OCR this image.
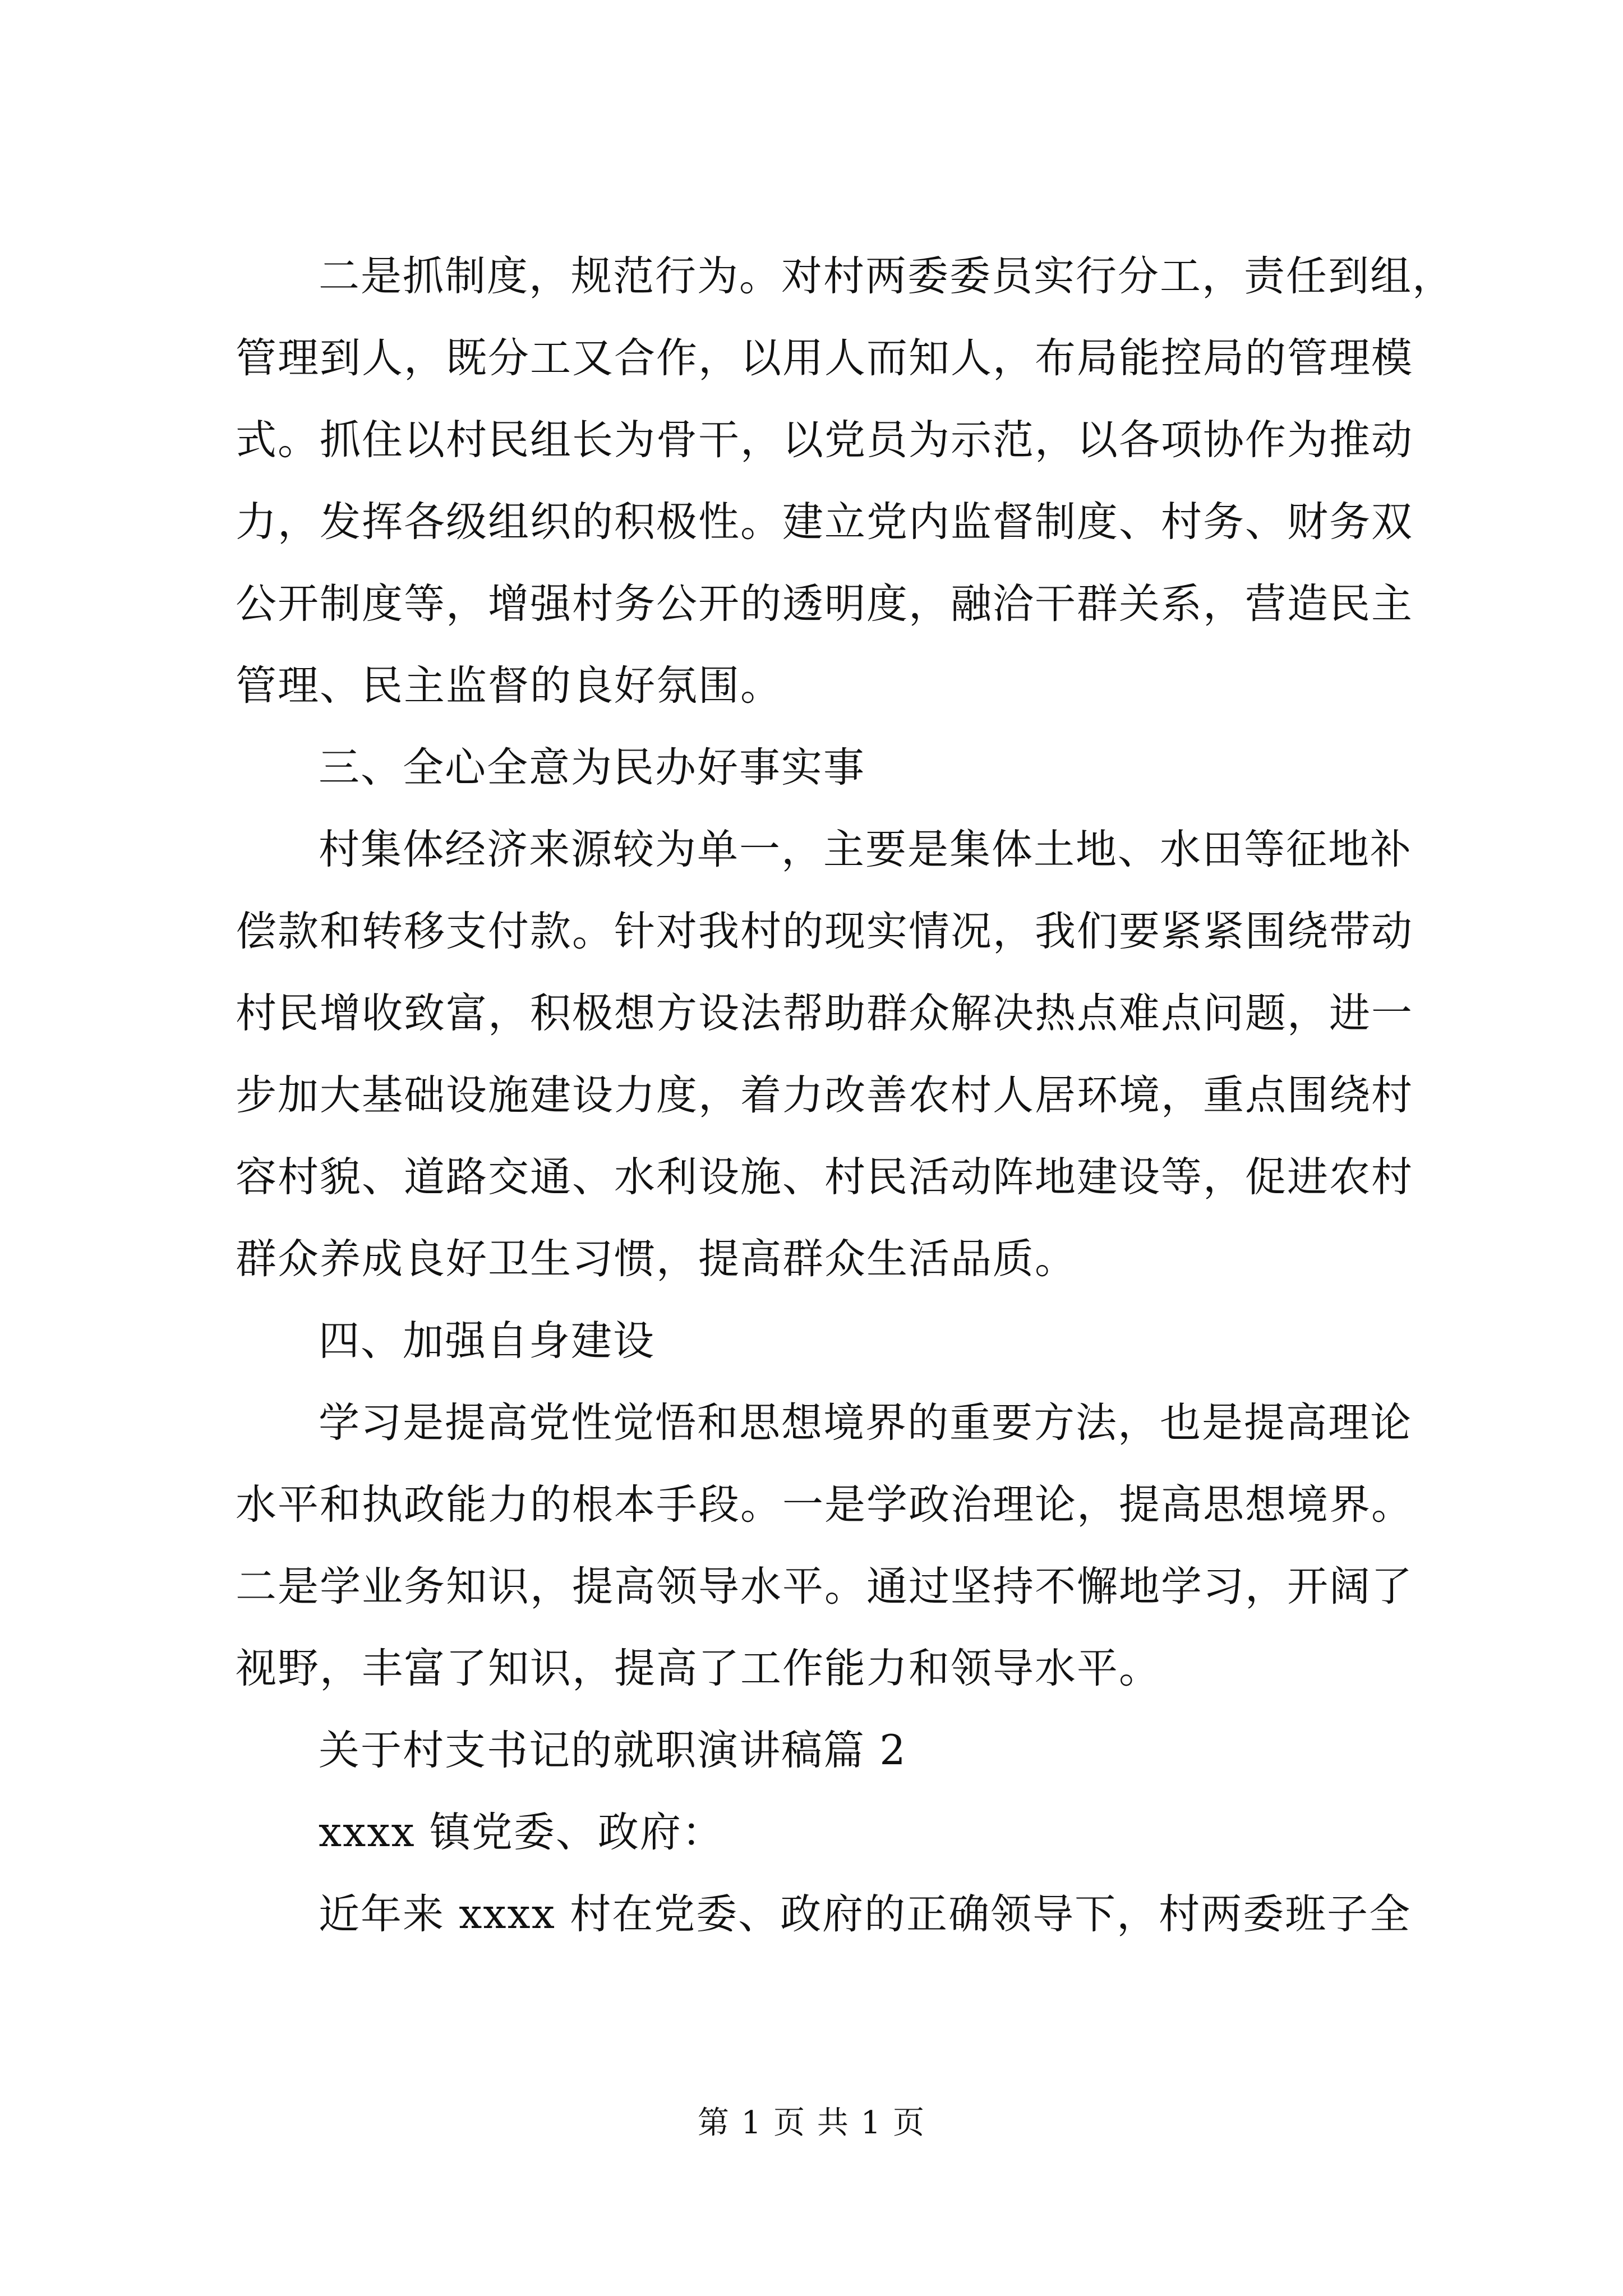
二是抓制度，规范行为。对村两委委员实行分工，责任到组，
管理到人，既分工又合作，以用人而知人，布局能控局的管理模
式。抓住以村民组长为骨干，以党员为示范，以各项协作为推动
力，发挥各级组织的积极性。建立党内监督制度、村务、财务双
公开制度等，增强村务公开的透明度，融洽干群关系，营造民主
管理、民主监督的良好氛围。
三、全心全意为民办好事实事
村集体经济来源较为单一，主要是集体土地、水田等征地补
偿款和转移支付款。针对我村的现实情况，我们要紧紧围绕带动
村民增收致富，积极想方设法帮助群众解决热点难点问题，进一
步加大基础设施建设力度，着力改善农村人居环境，重点围绕村
容村貌、道路交通、水利设施、村民活动阵地建设等，促进农村
群众养成良好卫生习惯，提高群众生活品质。
四、加强自身建设
学习是提高党性觉悟和思想境界的重要方法，也是提高理论
水平和执政能力的根本手段。一是学政治理论，提高思想境界。
二是学业务知识，提高领导水平。通过坚持不懈地学习，开阔了
视野，丰富了知识，提高了工作能力和领导水平。
关于村支书记的就职演讲稿篇 2
xxxx 镇党委、政府：
近年来 xxxx 村在党委、政府的正确领导下，村两委班子全
第 1 页 共 1 页
